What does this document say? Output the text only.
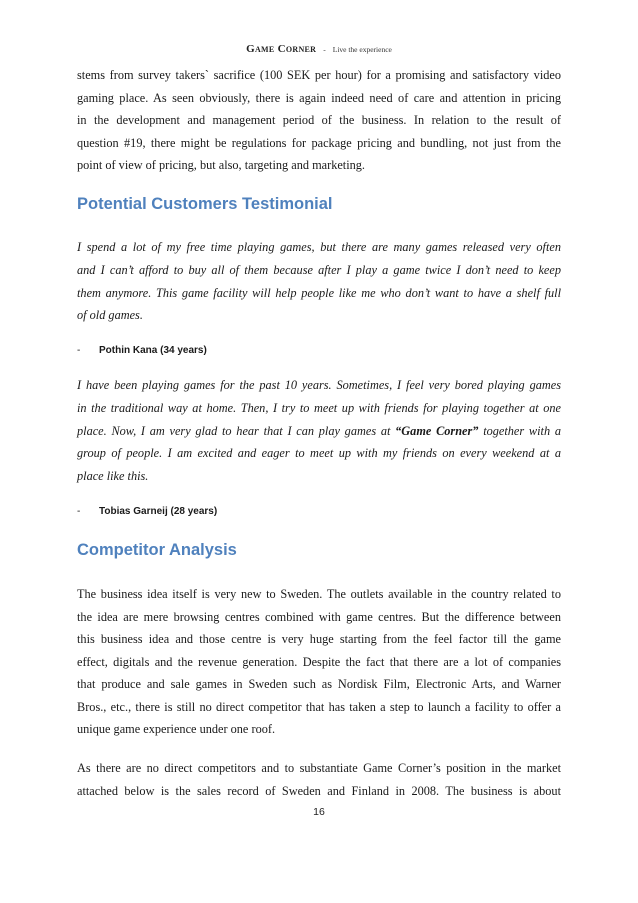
Game Corner - Live the experience

stems from survey takers` sacrifice (100 SEK per hour) for a promising and satisfactory video
gaming place. As seen obviously, there is again indeed need of care and attention in pricing
in the development and management period of the business. In relation to the result of
question #19, there might be regulations for package pricing and bundling, not just from the
point of view of pricing, but also, targeting and marketing.

Potential Customers Testimonial

I spend a lot of my free time playing games, but there are many games released very often
and I can’t afford to buy all of them because after I play a game twice I don’t need to keep
them anymore. This game facility will help people like me who don’t want to have a shelf full
of old games.

- Pothin Kana (34 years)

I have been playing games for the past 10 years. Sometimes, I feel very bored playing games
in the traditional way at home. Then, I try to meet up with friends for playing together at one
place. Now, I am very glad to hear that I can play games at “Game Corner” together with a
group of people. I am excited and eager to meet up with my friends on every weekend at a
place like this.

- Tobias Garneij (28 years)
Competitor Analysis

The business idea itself is very new to Sweden. The outlets available in the country related to
the idea are mere browsing centres combined with game centres. But the difference between
this business idea and those centre is very huge starting from the feel factor till the game
effect, digitals and the revenue generation. Despite the fact that there are a lot of companies
that produce and sale games in Sweden such as Nordisk Film, Electronic Arts, and Warner
Bros., etc., there is still no direct competitor that has taken a step to launch a facility to offer a
unique game experience under one roof.

As there are no direct competitors and to substantiate Game Corner’s position in the market
attached below is the sales record of Sweden and Finland in 2008. The business is about

16
